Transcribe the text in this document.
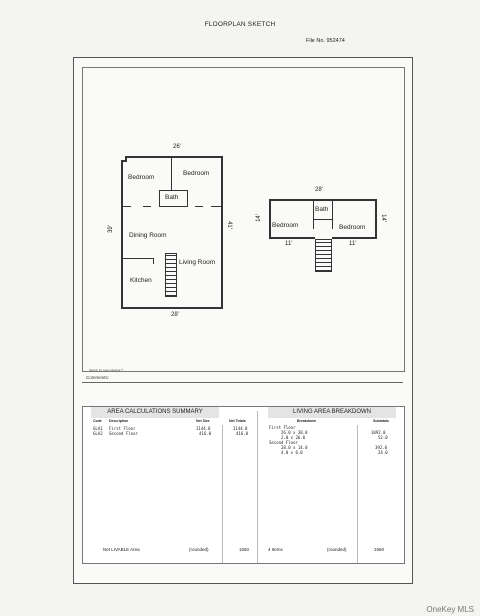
FLOORPLAN SKETCH
File No. 952474
Bedroom
Bedroom
Bath
Dining Room
Living Room
Kitchen
26'
39'
41'
28'
Bath
Bedroom	Bedroom
28'
14'	14'
11'	11'
Sketch by Apex Medina™
Comments:
AREA CALCULATIONS SUMMARY	LIVING AREA BREAKDOWN
Code Description	Net Size	Net Totals	Breakdown	Subtotals
GLA1 First Floor	1144.0	1144.0
GLA2 Second Floor	416.0	416.0
First Floor
26.0 x 38.0	1092.0
2.0 x 26.0	52.0
Second Floor
28.0 x 14.0	392.0
4.0 x 6.0	24.0
Net LIVABLE Area	(rounded)	1560	4 Items	(rounded)	1560
OneKey MLS
